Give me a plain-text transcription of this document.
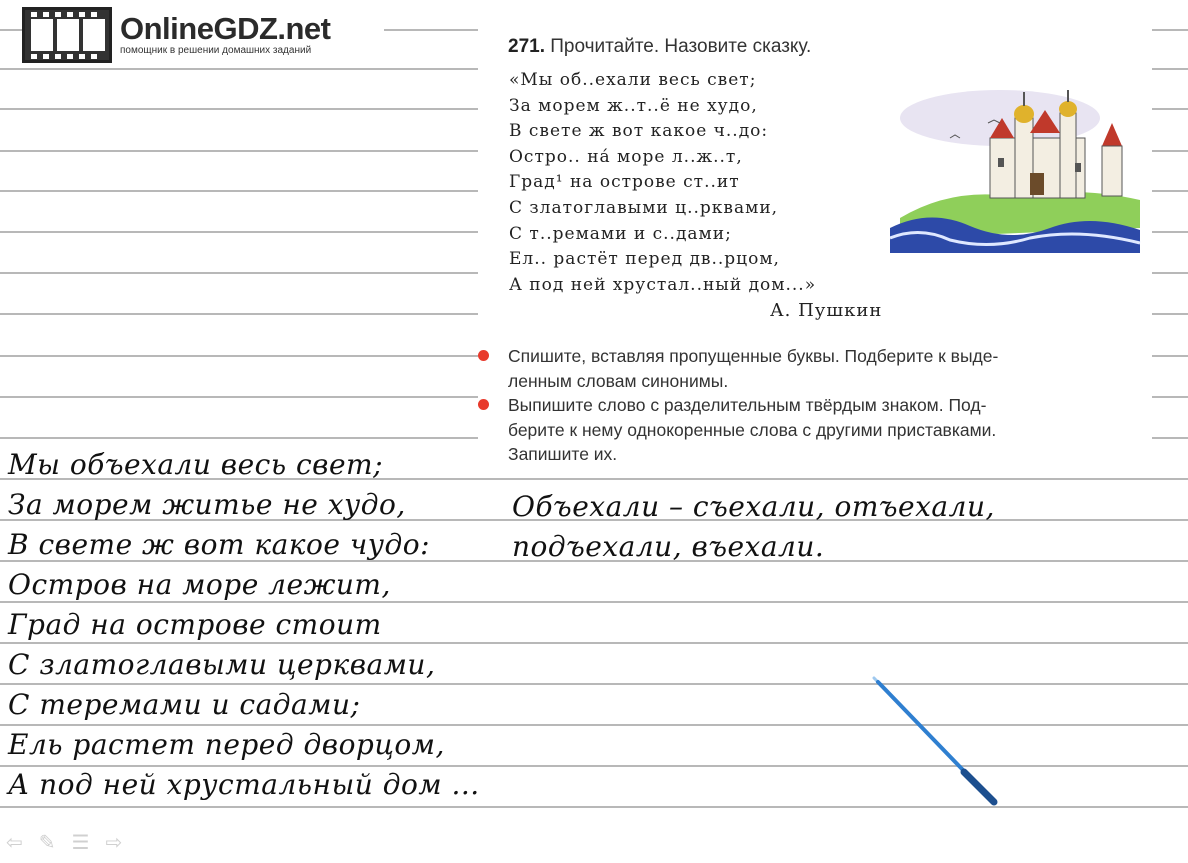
OnlineGDZ.net
помощник в решении домашних заданий	271. Прочитайте. Назовите сказку.
«Мы об..ехали весь свет;
За морем ж..т..ё не худо,
В свете ж вот какое ч..до:
Остро.. на́ море л..ж..т,
Град¹ на острове ст..ит
С златоглавыми ц..рквами,
С т..ремами и с..дами;
Ел.. растёт перед дв..рцом,
А под ней хрустал..ный дом...»
А. Пушкин
Спишите, вставляя пропущенные буквы. Подберите к выде-
ленным словам синонимы.
Выпишите слово с разделительным твёрдым знаком. Под-
берите к нему однокоренные слова с другими приставками.
Запишите их.
Мы объехали весь свет;
За морем житье не худо,
В свете ж вот какое чудо:
Остров на море лежит,
Град на острове стоит
С златоглавыми церквами,
С теремами и садами;
Ель растет перед дворцом,
А под ней хрустальный дом ...
Объехали – съехали, отъехали,
подъехали, въехали.
⇦ ✎ ☰ ⇨
